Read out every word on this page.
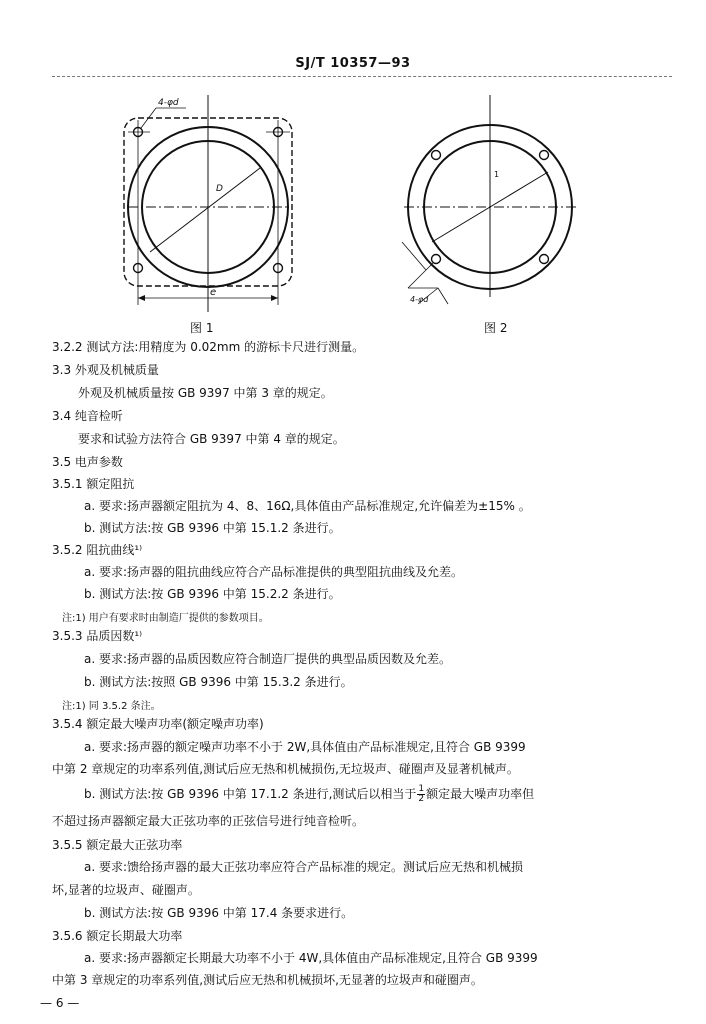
SJ/T 10357—93
4-φd
D
e
图 1
1
4-φd
图 2
3.2.2 测试方法:用精度为 0.02mm 的游标卡尺进行测量。
3.3 外观及机械质量
外观及机械质量按 GB 9397 中第 3 章的规定。
3.4 纯音检听
要求和试验方法符合 GB 9397 中第 4 章的规定。
3.5 电声参数
3.5.1 额定阻抗
a. 要求:扬声器额定阻抗为 4、8、16Ω,具体值由产品标准规定,允许偏差为±15% 。
b. 测试方法:按 GB 9396 中第 15.1.2 条进行。
3.5.2 阻抗曲线¹⁾
a. 要求:扬声器的阻抗曲线应符合产品标准提供的典型阻抗曲线及允差。
b. 测试方法:按 GB 9396 中第 15.2.2 条进行。
注:1) 用户有要求时由制造厂提供的参数项目。
3.5.3 品质因数¹⁾
a. 要求:扬声器的品质因数应符合制造厂提供的典型品质因数及允差。
b. 测试方法:按照 GB 9396 中第 15.3.2 条进行。
注:1) 同 3.5.2 条注。
3.5.4 额定最大噪声功率(额定噪声功率)
a. 要求:扬声器的额定噪声功率不小于 2W,具体值由产品标准规定,且符合 GB 9399
中第 2 章规定的功率系列值,测试后应无热和机械损伤,无垃圾声、碰圈声及显著机械声。
b. 测试方法:按 GB 9396 中第 17.1.2 条进行,测试后以相当于 $\frac{1}{2}$ 额定最大噪声功率但
不超过扬声器额定最大正弦功率的正弦信号进行纯音检听。
3.5.5 额定最大正弦功率
a. 要求:馈给扬声器的最大正弦功率应符合产品标准的规定。测试后应无热和机械损
坏,显著的垃圾声、碰圈声。
b. 测试方法:按 GB 9396 中第 17.4 条要求进行。
3.5.6 额定长期最大功率
a. 要求:扬声器额定长期最大功率不小于 4W,具体值由产品标准规定,且符合 GB 9399
中第 3 章规定的功率系列值,测试后应无热和机械损坏,无显著的垃圾声和碰圈声。
— 6 —
